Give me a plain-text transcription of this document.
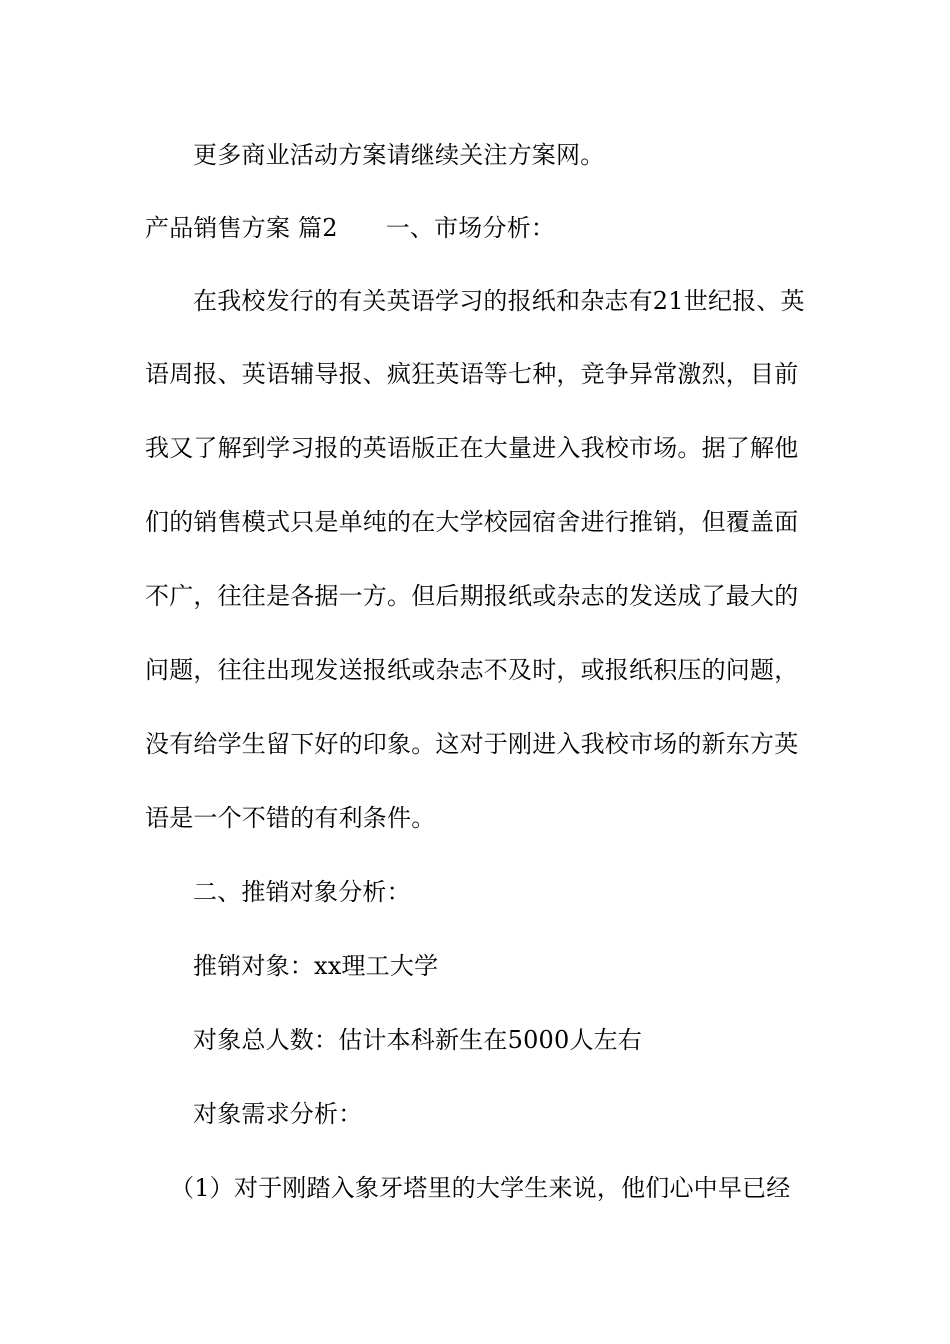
更多商业活动方案请继续关注方案网。
产品销售方案 篇2 一、市场分析：
在我校发行的有关英语学习的报纸和杂志有21世纪报、英
语周报、英语辅导报、疯狂英语等七种，竞争异常激烈，目前
我又了解到学习报的英语版正在大量进入我校市场。据了解他
们的销售模式只是单纯的在大学校园宿舍进行推销，但覆盖面
不广，往往是各据一方。但后期报纸或杂志的发送成了最大的
问题，往往出现发送报纸或杂志不及时，或报纸积压的问题，
没有给学生留下好的印象。这对于刚进入我校市场的新东方英
语是一个不错的有利条件。
二、推销对象分析：
推销对象：xx理工大学
对象总人数：估计本科新生在5000人左右
对象需求分析：
（1）对于刚踏入象牙塔里的大学生来说，他们心中早已经
